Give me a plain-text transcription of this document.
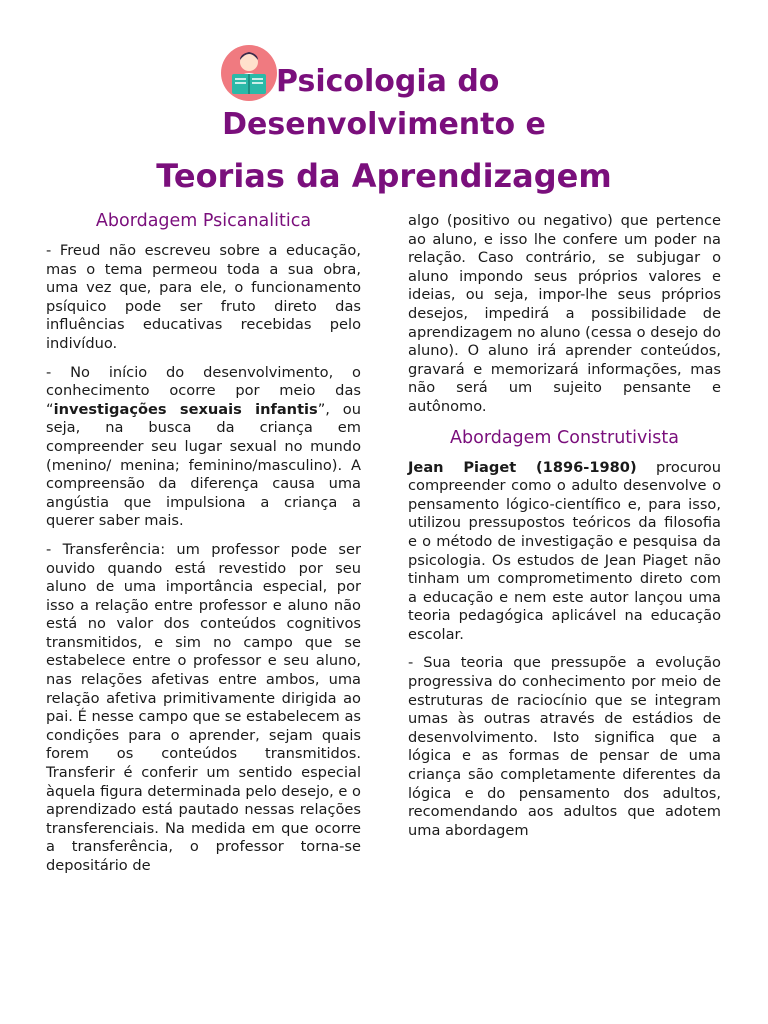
Psicologia do
Desenvolvimento e
Teorias da Aprendizagem
Abordagem Psicanalitica

- Freud não escreveu sobre a educação, mas o tema permeou toda a sua obra, uma vez que, para ele, o funcionamento psíquico pode ser fruto direto das influências educativas recebidas pelo indivíduo.

- No início do desenvolvimento, o conhecimento ocorre por meio das “investigações sexuais infantis”, ou seja, na busca da criança em compreender seu lugar sexual no mundo (menino/ menina; feminino/masculino). A compreensão da diferença causa uma angústia que impulsiona a criança a querer saber mais.

- Transferência: um professor pode ser ouvido quando está revestido por seu aluno de uma importância especial, por isso a relação entre professor e aluno não está no valor dos conteúdos cognitivos transmitidos, e sim no campo que se estabelece entre o professor e seu aluno, nas relações afetivas entre ambos, uma relação afetiva primitivamente dirigida ao pai. É nesse campo que se estabelecem as condições para o aprender, sejam quais forem os conteúdos transmitidos. Transferir é conferir um sentido especial àquela figura determinada pelo desejo, e o aprendizado está pautado nessas relações transferenciais. Na medida em que ocorre a transferência, o professor torna-se depositário de

algo (positivo ou negativo) que pertence ao aluno, e isso lhe confere um poder na relação. Caso contrário, se subjugar o aluno impondo seus próprios valores e ideias, ou seja, impor-lhe seus próprios desejos, impedirá a possibilidade de aprendizagem no aluno (cessa o desejo do aluno). O aluno irá aprender conteúdos, gravará e memorizará informações, mas não será um sujeito pensante e autônomo.

Abordagem Construtivista

Jean Piaget (1896-1980) procurou compreender como o adulto desenvolve o pensamento lógico-científico e, para isso, utilizou pressupostos teóricos da filosofia e o método de investigação e pesquisa da psicologia. Os estudos de Jean Piaget não tinham um comprometimento direto com a educação e nem este autor lançou uma teoria pedagógica aplicável na educação escolar.

- Sua teoria que pressupõe a evolução progressiva do conhecimento por meio de estruturas de raciocínio que se integram umas às outras através de estádios de desenvolvimento. Isto significa que a lógica e as formas de pensar de uma criança são completamente diferentes da lógica e do pensamento dos adultos, recomendando aos adultos que adotem uma abordagem
